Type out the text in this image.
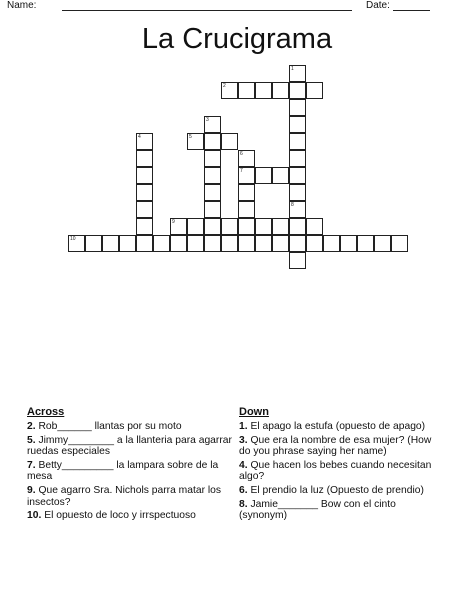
Name:	Date:
La Crucigrama
1
2
3
4	5
6
7
8
9
10
Across
2. Rob______ llantas por su moto
5. Jimmy________ a la llanteria para agarrar ruedas especiales
7. Betty_________ la lampara sobre de la mesa
9. Que agarro Sra. Nichols parra matar los insectos?
10. El opuesto de loco y irrspectuoso
Down
1. El apago la estufa (opuesto de apago)
3. Que era la nombre de esa mujer? (How do you phrase saying her name)
4. Que hacen los bebes cuando necesitan algo?
6. El prendio la luz (Opuesto de prendio)
8. Jamie_______ Bow con el cinto (synonym)
